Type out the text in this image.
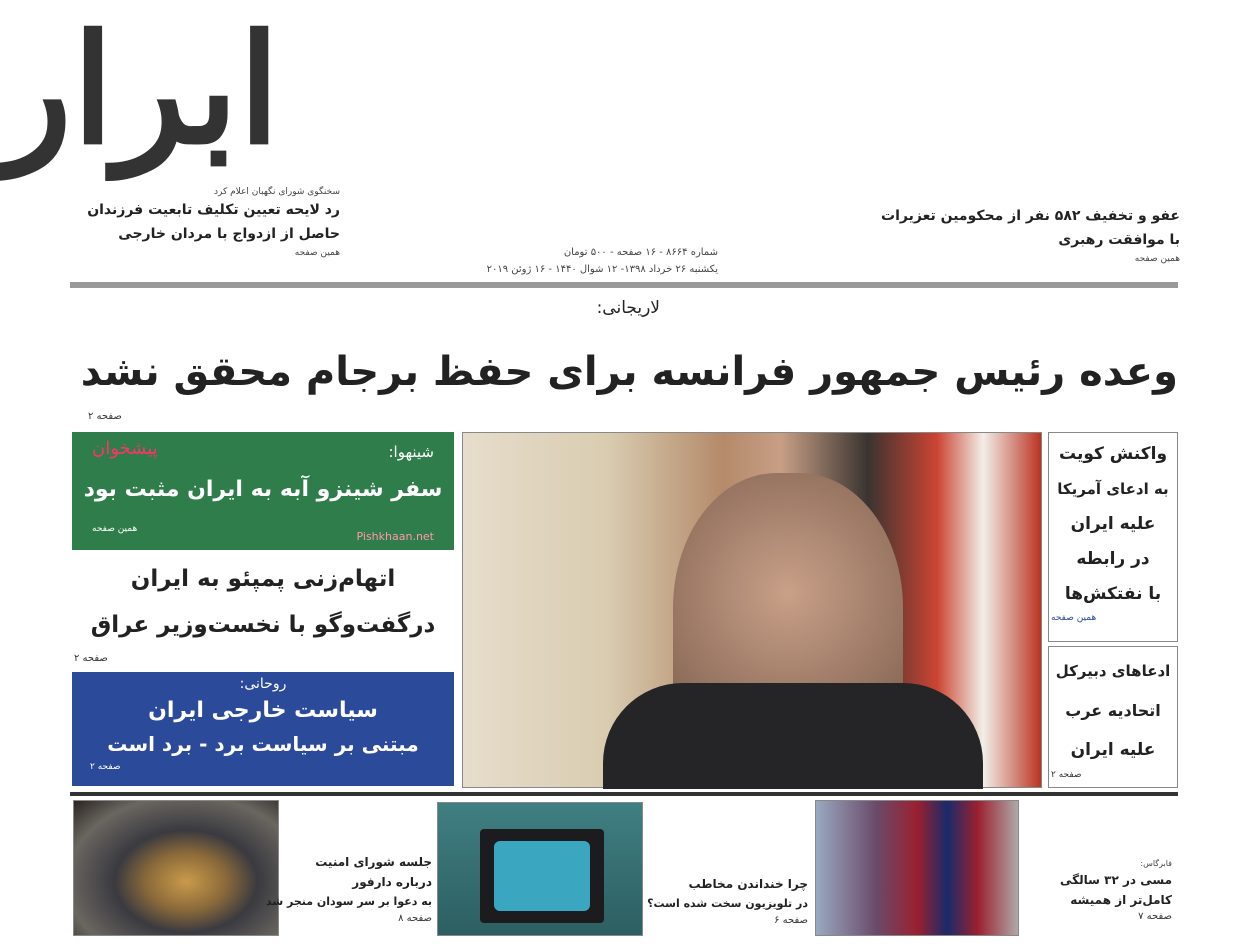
ابرار
شماره ۸۶۶۴ - ۱۶ صفحه - ۵۰۰ تومان
یکشنبه ۲۶ خرداد ۱۳۹۸- ۱۲ شوال ۱۴۴۰ - ۱۶ ژوئن ۲۰۱۹
سخنگوی شورای نگهبان اعلام کرد
رد لایحه تعیین تکلیف تابعیت فرزندان
حاصل از ازدواج با مردان خارجی
همین صفحه
عفو و تخفیف ۵۸۲ نفر از محکومین تعزیرات
با موافقت رهبری
همین صفحه
لاریجانی:
وعده رئیس جمهور فرانسه برای حفظ برجام محقق نشد
صفحه ۲
شینهوا:
سفر شینزو آبه به ایران مثبت بود
همین صفحه
پیشخوان
Pishkhaan.net
اتهام‌زنی پمپئو به ایران
درگفت‌وگو با نخست‌وزیر عراق
صفحه ۲
روحانی:
سیاست خارجی ایران
مبتنی بر سیاست برد - برد است
صفحه ۲
واکنش کویت
به ادعای آمریکا
علیه ایران
در رابطه
با نفتکش‌ها
همین صفحه
ادعاهای دبیرکل
اتحادیه عرب
علیه ایران
صفحه ۲
جلسه شورای امنیت
درباره دارفور
به دعوا بر سر سودان منجر شد
صفحه ۸
چرا خنداندن مخاطب
در تلویزیون سخت شده است؟
صفحه ۶
فابرگاس:
مسی در ۳۲ سالگی
کامل‌تر از همیشه
صفحه ۷
